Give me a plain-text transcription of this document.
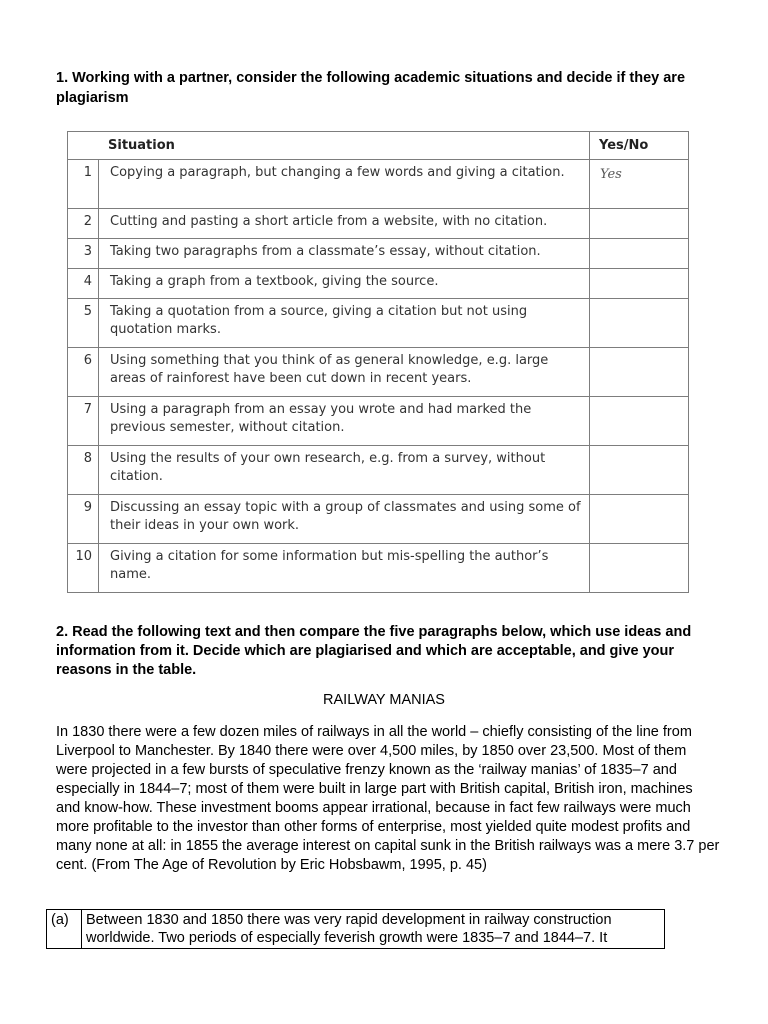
1. Working with a partner, consider the following academic situations and decide if they are plagiarism
Situation		Yes/No
1	Copying a paragraph, but changing a few words and giving a citation.	Yes
2	Cutting and pasting a short article from a website, with no citation.	
3	Taking two paragraphs from a classmate’s essay, without citation.	
4	Taking a graph from a textbook, giving the source.	
5	Taking a quotation from a source, giving a citation but not using quotation marks.	
6	Using something that you think of as general knowledge, e.g. large areas of rainforest have been cut down in recent years.	
7	Using a paragraph from an essay you wrote and had marked the previous semester, without citation.	
8	Using the results of your own research, e.g. from a survey, without citation.	
9	Discussing an essay topic with a group of classmates and using some of their ideas in your own work.	
10	Giving a citation for some information but mis-spelling the author’s name.	
2. Read the following text and then compare the five paragraphs below, which use ideas and information from it. Decide which are plagiarised and which are acceptable, and give your reasons in the table.
RAILWAY MANIAS
In 1830 there were a few dozen miles of railways in all the world – chiefly consisting of the line from Liverpool to Manchester. By 1840 there were over 4,500 miles, by 1850 over 23,500. Most of them were projected in a few bursts of speculative frenzy known as the ‘railway manias’ of 1835–7 and especially in 1844–7; most of them were built in large part with British capital, British iron, machines and know-how. These investment booms appear irrational, because in fact few railways were much more profitable to the investor than other forms of enterprise, most yielded quite modest profits and many none at all: in 1855 the average interest on capital sunk in the British railways was a mere 3.7 per cent. (From The Age of Revolution by Eric Hobsbawm, 1995, p. 45)
(a)	Between 1830 and 1850 there was very rapid development in railway construction worldwide. Two periods of especially feverish growth were 1835–7 and 1844–7. It
